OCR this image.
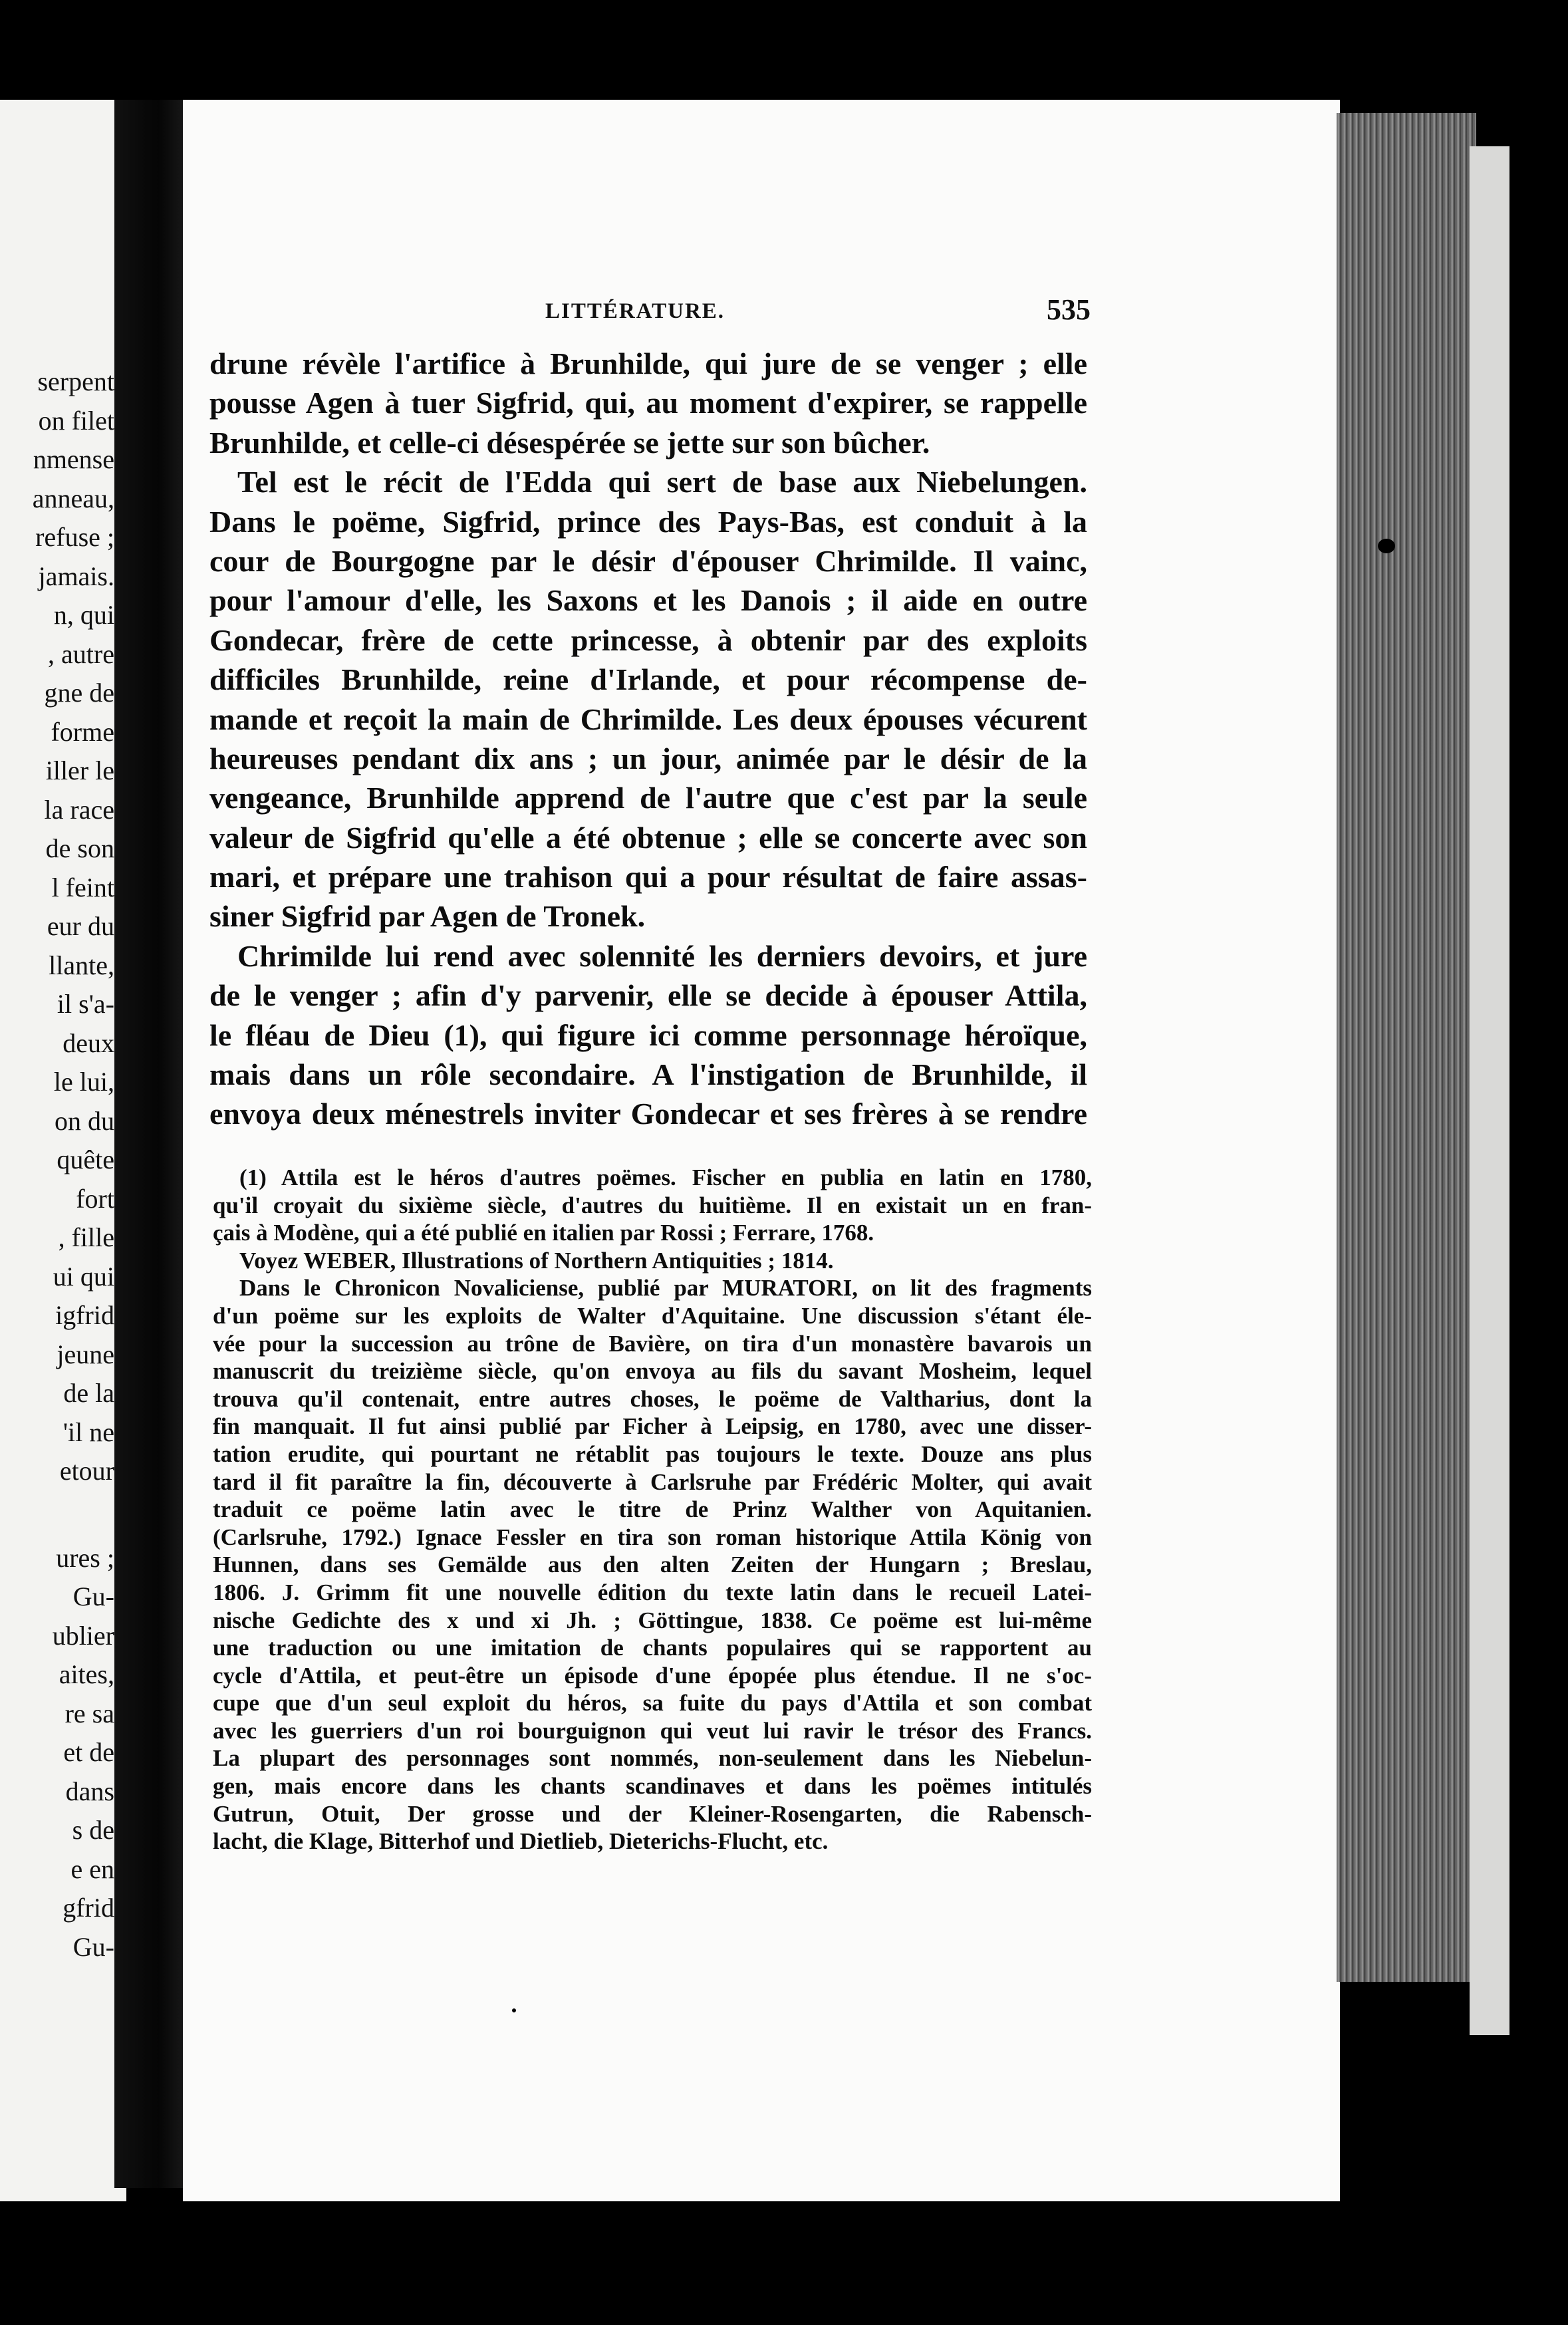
serpent
on filet
nmense
anneau,
refuse ;
jamais.
n, qui
, autre
gne de
forme
iller le
la race
de son
l feint
eur du
llante,
il s'a-
deux
le lui,
on du
quête
fort
, fille
ui qui
igfrid
jeune
de la
'il ne
etour
ures ;
Gu-
ublier
aites,
re sa
et de
dans
s de
e en
gfrid
Gu-
LITTÉRATURE.	535
drune révèle l'artifice à Brunhilde, qui jure de se venger ; elle
pousse Agen à tuer Sigfrid, qui, au moment d'expirer, se rappelle
Brunhilde, et celle-ci désespérée se jette sur son bûcher.
Tel est le récit de l'Edda qui sert de base aux Niebelungen.
Dans le poëme, Sigfrid, prince des Pays-Bas, est conduit à la
cour de Bourgogne par le désir d'épouser Chrimilde. Il vainc,
pour l'amour d'elle, les Saxons et les Danois ; il aide en outre
Gondecar, frère de cette princesse, à obtenir par des exploits
difficiles Brunhilde, reine d'Irlande, et pour récompense de-
mande et reçoit la main de Chrimilde. Les deux épouses vécurent
heureuses pendant dix ans ; un jour, animée par le désir de la
vengeance, Brunhilde apprend de l'autre que c'est par la seule
valeur de Sigfrid qu'elle a été obtenue ; elle se concerte avec son
mari, et prépare une trahison qui a pour résultat de faire assas-
siner Sigfrid par Agen de Tronek.
Chrimilde lui rend avec solennité les derniers devoirs, et jure
de le venger ; afin d'y parvenir, elle se decide à épouser Attila,
le fléau de Dieu (1), qui figure ici comme personnage héroïque,
mais dans un rôle secondaire. A l'instigation de Brunhilde, il
envoya deux ménestrels inviter Gondecar et ses frères à se rendre
(1) Attila est le héros d'autres poëmes. Fischer en publia en latin en 1780,
qu'il croyait du sixième siècle, d'autres du huitième. Il en existait un en fran-
çais à Modène, qui a été publié en italien par Rossi ; Ferrare, 1768.
Voyez WEBER, Illustrations of Northern Antiquities ; 1814.
Dans le Chronicon Novaliciense, publié par MURATORI, on lit des fragments
d'un poëme sur les exploits de Walter d'Aquitaine. Une discussion s'étant éle-
vée pour la succession au trône de Bavière, on tira d'un monastère bavarois un
manuscrit du treizième siècle, qu'on envoya au fils du savant Mosheim, lequel
trouva qu'il contenait, entre autres choses, le poëme de Valtharius, dont la
fin manquait. Il fut ainsi publié par Ficher à Leipsig, en 1780, avec une disser-
tation erudite, qui pourtant ne rétablit pas toujours le texte. Douze ans plus
tard il fit paraître la fin, découverte à Carlsruhe par Frédéric Molter, qui avait
traduit ce poëme latin avec le titre de Prinz Walther von Aquitanien.
(Carlsruhe, 1792.) Ignace Fessler en tira son roman historique Attila König von
Hunnen, dans ses Gemälde aus den alten Zeiten der Hungarn ; Breslau,
1806. J. Grimm fit une nouvelle édition du texte latin dans le recueil Latei-
nische Gedichte des x und xi Jh. ; Göttingue, 1838. Ce poëme est lui-même
une traduction ou une imitation de chants populaires qui se rapportent au
cycle d'Attila, et peut-être un épisode d'une épopée plus étendue. Il ne s'oc-
cupe que d'un seul exploit du héros, sa fuite du pays d'Attila et son combat
avec les guerriers d'un roi bourguignon qui veut lui ravir le trésor des Francs.
La plupart des personnages sont nommés, non-seulement dans les Niebelun-
gen, mais encore dans les chants scandinaves et dans les poëmes intitulés
Gutrun, Otuit, Der grosse und der Kleiner-Rosengarten, die Rabensch-
lacht, die Klage, Bitterhof und Dietlieb, Dieterichs-Flucht, etc.
